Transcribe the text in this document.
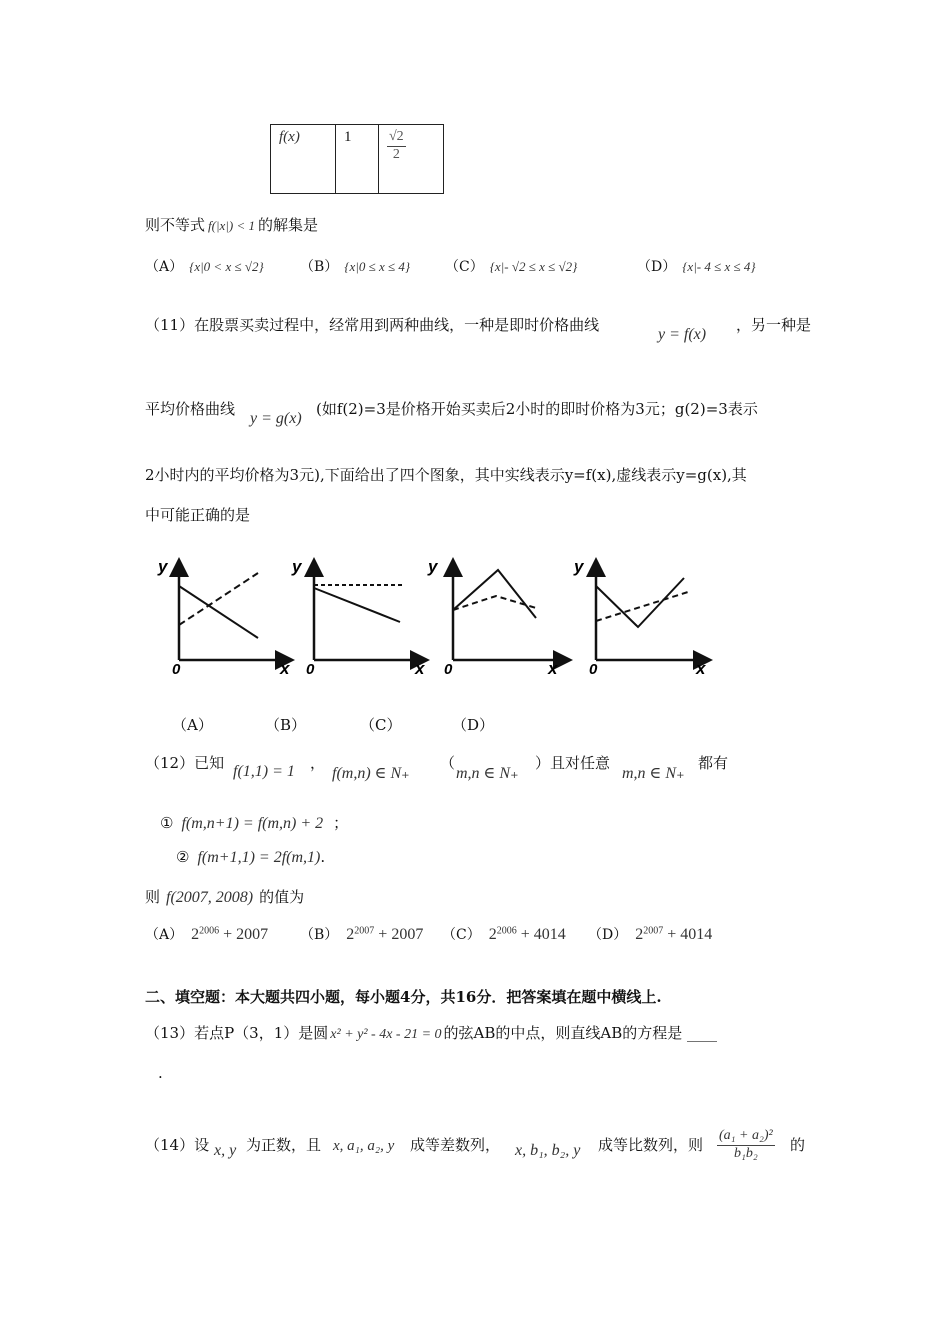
f(x)	1	$\frac{√2}{2}$
则不等式 f(|x|) < 1 的解集是
（A） {x|0 < x ≤ √2}	（B） {x|0 ≤ x ≤ 4} （C） {x|- √2 ≤ x ≤ √2}	（D） {x|- 4 ≤ x ≤ 4}
（11）在股票买卖过程中，经常用到两种曲线，一种是即时价格曲线
y = f(x)
，另一种是
平均价格曲线
y = g(x)
(如f(2)=3是价格开始买卖后2小时的即时价格为3元；g(2)=3表示
2小时内的平均价格为3元),下面给出了四个图象，其中实线表示y=f(x),虚线表示y=g(x),其
中可能正确的是
y
x
0
y
x
0
y
x
0
y
x
0
（A）	（B）	（C）	（D）
（12）已知 f(1,1) = 1 ，
f(m,n) ∈ N₊
（
m,n ∈ N₊
）且对任意
m,n ∈ N₊
都有
① f(m,n+1) = f(m,n) + 2 ；
② f(m+1,1) = 2f(m,1).
则 f(2007, 2008) 的值为
（A） $2^{2006} + 2007$ （B） $2^{2007} + 2007$ （C） $2^{2006} + 4014$ （D） $2^{2007} + 4014$
二、填空题：本大题共四小题，每小题4分，共16分．把答案填在题中横线上.
（13）若点P（3，1）是圆 x² + y² - 4x - 21 = 0 的弦AB的中点，则直线AB的方程是 ____
.
（14）设 x, y 为正数，且 x, a₁, a₂, y 成等差数列， x, b₁, b₂, y 成等比数列，则 $\frac{\text{(a₁ + a₂)²}}{\text{b₁b₂}}$ 的
